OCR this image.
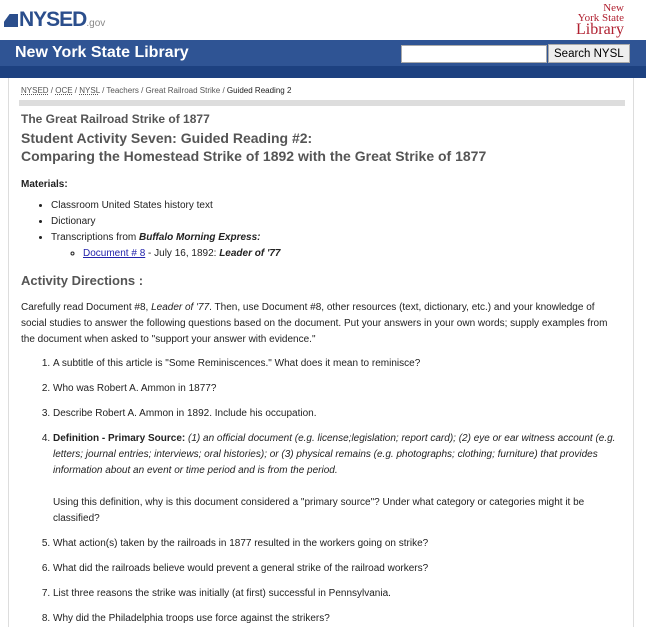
NYSED.gov
New
York State
Library
New York State Library	Search NYSL
NYSED / OCE / NYSL / Teachers / Great Railroad Strike / Guided Reading 2
The Great Railroad Strike of 1877
Student Activity Seven: Guided Reading #2:
Comparing the Homestead Strike of 1892 with the Great Strike of 1877
Materials:
• Classroom United States history text
• Dictionary
• Transcriptions from Buffalo Morning Express:
◦ Document # 8 - July 16, 1892: Leader of '77
Activity Directions :

Carefully read Document #8, Leader of '77. Then, use Document #8, other resources (text, dictionary, etc.) and your knowledge of social studies to answer the following questions based on the document. Put your answers in your own words; supply examples from the document when asked to "support your answer with evidence."

1. A subtitle of this article is "Some Reminiscences." What does it mean to reminisce?
2. Who was Robert A. Ammon in 1877?
3. Describe Robert A. Ammon in 1892. Include his occupation.
4. Definition - Primary Source: (1) an official document (e.g. license;legislation; report card); (2) eye or ear witness account (e.g. letters; journal entries; interviews; oral histories); or (3) physical remains (e.g. photographs; clothing; furniture) that provides information about an event or time period and is from the period.

Using this definition, why is this document considered a "primary source"? Under what category or categories might it be classified?
5. What action(s) taken by the railroads in 1877 resulted in the workers going on strike?
6. What did the railroads believe would prevent a general strike of the railroad workers?
7. List three reasons the strike was initially (at first) successful in Pennsylvania.
8. Why did the Philadelphia troops use force against the strikers?
